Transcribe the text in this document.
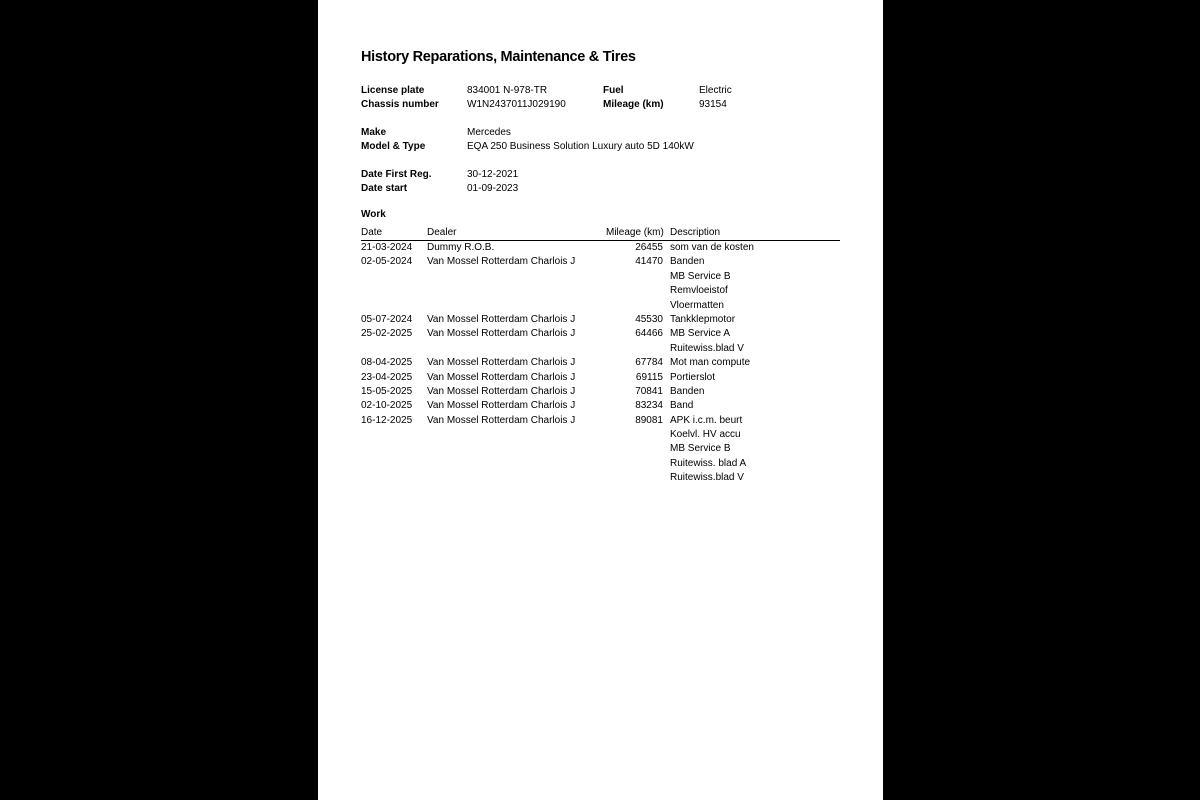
History Reparations, Maintenance & Tires
License plate	834001 N-978-TR	Fuel	Electric
Chassis number	W1N2437011J029190	Mileage (km)	93154
Make	Mercedes
Model & Type	EQA 250 Business Solution Luxury auto 5D 140kW
Date First Reg.	30-12-2021
Date start	01-09-2023
Work
Date	Dealer	Mileage (km) Description
21-03-2024	Dummy R.O.B.	26455 som van de kosten
02-05-2024	Van Mossel Rotterdam Charlois J	41470 Banden
MB Service B
Remvloeistof
Vloermatten
05-07-2024	Van Mossel Rotterdam Charlois J	45530 Tankklepmotor
25-02-2025	Van Mossel Rotterdam Charlois J	64466 MB Service A
Ruitewiss.blad V
08-04-2025	Van Mossel Rotterdam Charlois J	67784 Mot man compute
23-04-2025	Van Mossel Rotterdam Charlois J	69115 Portierslot
15-05-2025	Van Mossel Rotterdam Charlois J	70841 Banden
02-10-2025	Van Mossel Rotterdam Charlois J	83234 Band
16-12-2025	Van Mossel Rotterdam Charlois J	89081 APK i.c.m. beurt
Koelvl. HV accu
MB Service B
Ruitewiss. blad A
Ruitewiss.blad V
